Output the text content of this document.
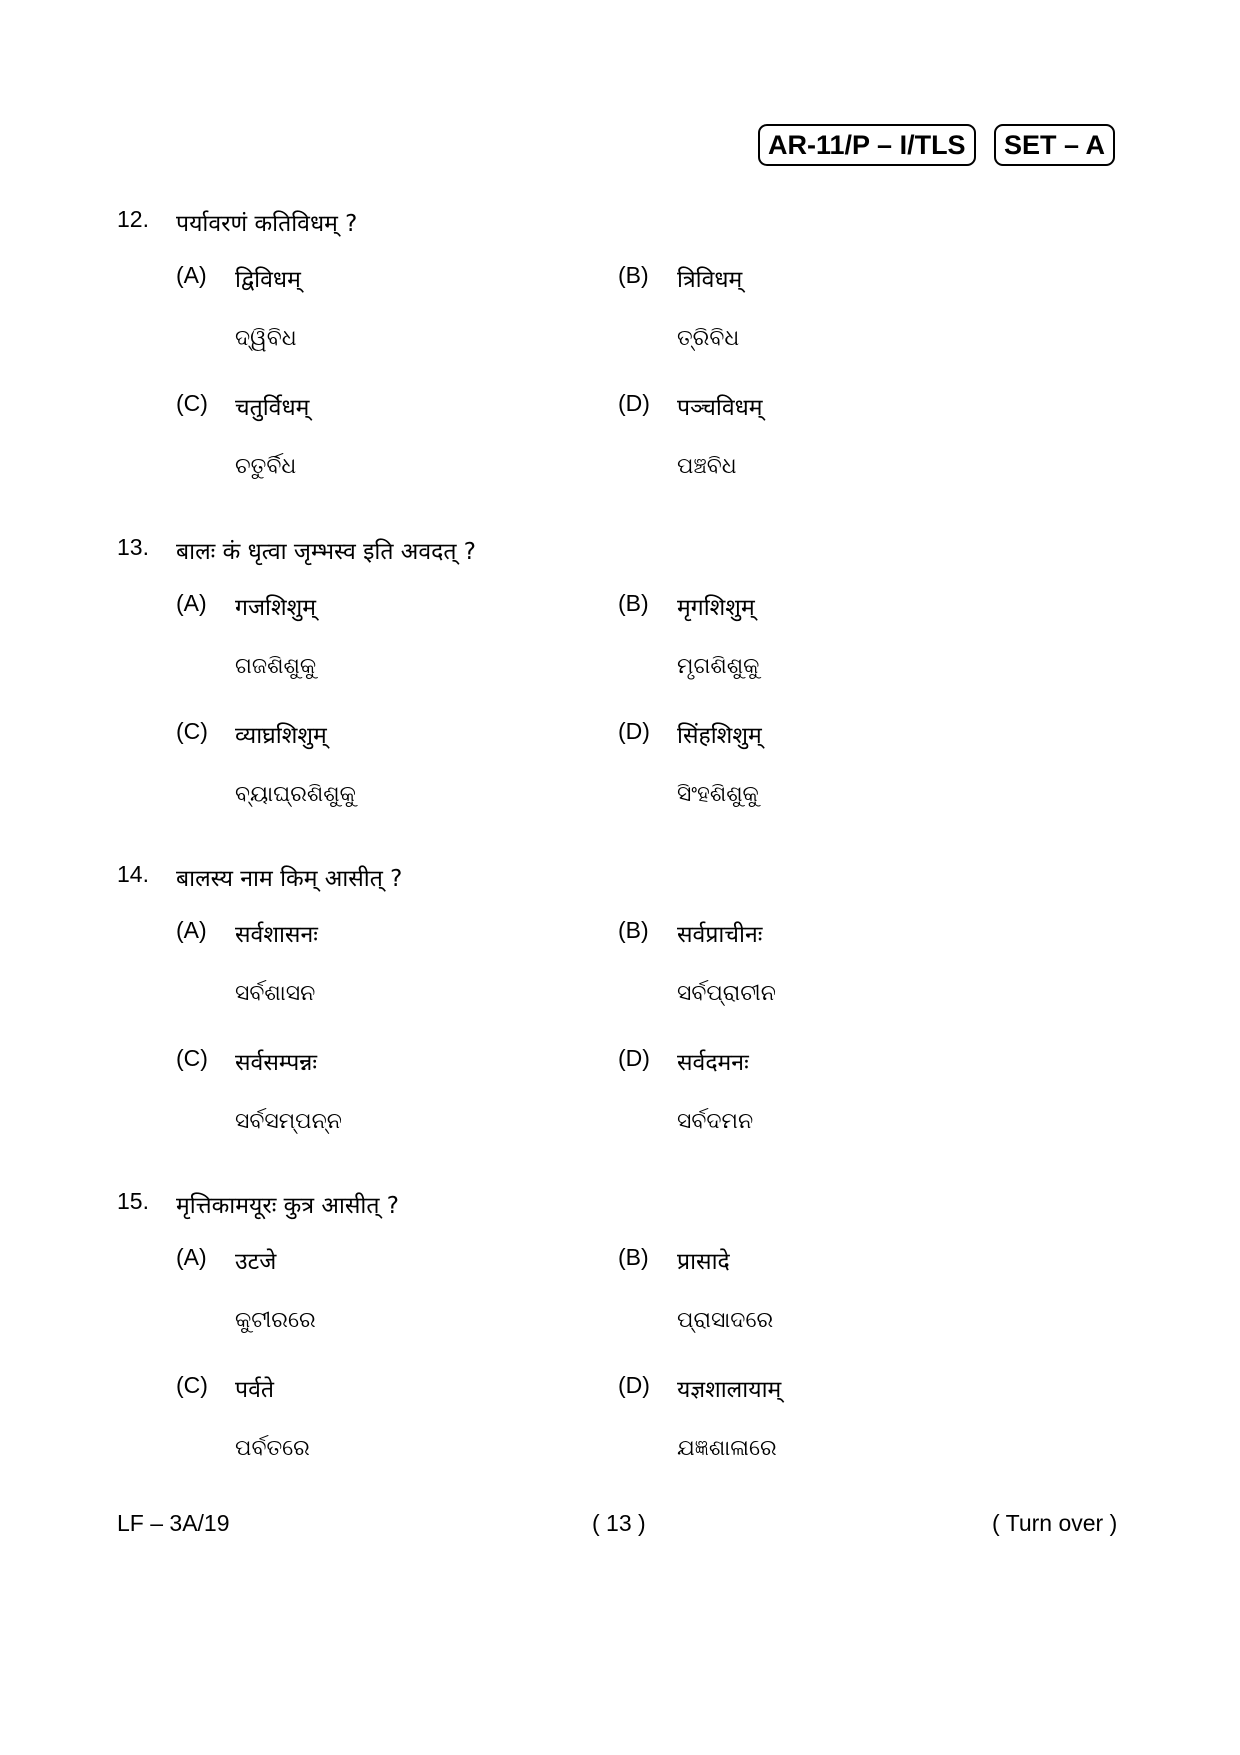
AR-11/P – I/TLS	SET – A
12. पर्यावरणं कतिविधम् ?
(A) द्विविधम्
ଦ୍ୱିବିଧ
(B) त्रिविधम्
ତ୍ରିବିଧ
(C) चतुर्विधम्
ଚତୁର୍ବିଧ
(D) पञ्चविधम्
ପଞ୍ଚବିଧ
13. बालः कं धृत्वा जृम्भस्व इति अवदत् ?
(A) गजशिशुम्
ଗଜଶିଶୁକୁ
(B) मृगशिशुम्
ମୃଗଶିଶୁକୁ
(C) व्याघ्रशिशुम्
ବ୍ୟାଘ୍ରଶିଶୁକୁ
(D) सिंहशिशुम्
ସିଂହଶିଶୁକୁ
14. बालस्य नाम किम् आसीत् ?
(A) सर्वशासनः
ସର୍ବଶାସନ
(B) सर्वप्राचीनः
ସର୍ବପ୍ରାଚୀନ
(C) सर्वसम्पन्नः
ସର୍ବସମ୍ପନ୍ନ
(D) सर्वदमनः
ସର୍ବଦମନ
15. मृत्तिकामयूरः कुत्र आसीत् ?
(A) उटजे
କୁଟୀରରେ
(B) प्रासादे
ପ୍ରାସାଦରେ
(C) पर्वते
ପର୍ବତରେ
(D) यज्ञशालायाम्
ଯଜ୍ଞଶାଳାରେ
LF – 3A/19	( 13 )	( Turn over )
